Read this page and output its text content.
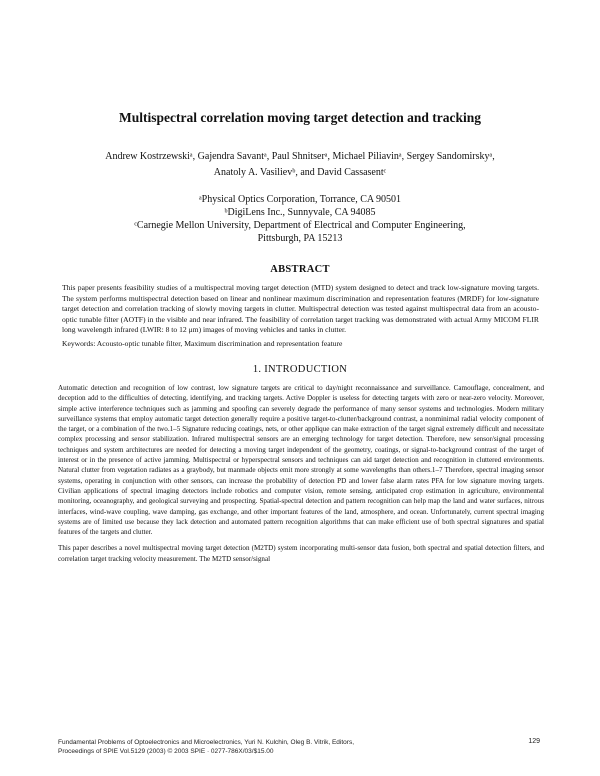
Multispectral correlation moving target detection and tracking
Andrew Kostrzewskiᵃ, Gajendra Savantᵃ, Paul Shnitserᵃ, Michael Piliavinᵃ, Sergey Sandomirskyᵃ,
Anatoly A. Vasilievᵇ, and David Cassasentᶜ
ᵃPhysical Optics Corporation, Torrance, CA 90501
ᵇDigiLens Inc., Sunnyvale, CA 94085
ᶜCarnegie Mellon University, Department of Electrical and Computer Engineering,
Pittsburgh, PA 15213
ABSTRACT
This paper presents feasibility studies of a multispectral moving target detection (MTD) system designed to detect and track low-signature moving targets. The system performs multispectral detection based on linear and nonlinear maximum discrimination and representation features (MRDF) for low-signature target detection and correlation tracking of slowly moving targets in clutter. Multispectral detection was tested against multispectral data from an acousto-optic tunable filter (AOTF) in the visible and near infrared. The feasibility of correlation target tracking was demonstrated with actual Army MICOM FLIR long wavelength infrared (LWIR: 8 to 12 μm) images of moving vehicles and tanks in clutter.
Keywords: Acousto-optic tunable filter, Maximum discrimination and representation feature
1. INTRODUCTION

Automatic detection and recognition of low contrast, low signature targets are critical to day/night reconnaissance and surveillance. Camouflage, concealment, and deception add to the difficulties of detecting, identifying, and tracking targets. Active Doppler is useless for detecting targets with zero or near-zero velocity. Moreover, simple active interference techniques such as jamming and spoofing can severely degrade the performance of many sensor systems and technologies. Modern military surveillance systems that employ automatic target detection generally require a positive target-to-clutter/background contrast, a nonminimal radial velocity component of the target, or a combination of the two.1–5 Signature reducing coatings, nets, or other applique can make extraction of the target signal extremely difficult and necessitate complex processing and sensor stabilization. Infrared multispectral sensors are an emerging technology for target detection. Therefore, new sensor/signal processing techniques and system architectures are needed for detecting a moving target independent of the geometry, coatings, or signal-to-background contrast of the target of interest or in the presence of active jamming. Multispectral or hyperspectral sensors and techniques can aid target detection and recognition in cluttered environments. Natural clutter from vegetation radiates as a graybody, but manmade objects emit more strongly at some wavelengths than others.1–7 Therefore, spectral imaging sensor systems, operating in conjunction with other sensors, can increase the probability of detection PD and lower false alarm rates PFA for low signature moving targets. Civilian applications of spectral imaging detectors include robotics and computer vision, remote sensing, anticipated crop estimation in agriculture, environmental monitoring, oceanography, and geological surveying and prospecting. Spatial-spectral detection and pattern recognition can help map the land and water surfaces, nitrous interfaces, wind-wave coupling, wave damping, gas exchange, and other important features of the land, atmosphere, and ocean. Unfortunately, current spectral imaging systems are of limited use because they lack detection and automated pattern recognition algorithms that can make efficient use of both spectral signatures and spatial features of the targets and clutter.

This paper describes a novel multispectral moving target detection (M2TD) system incorporating multi-sensor data fusion, both spectral and spatial detection filters, and correlation target tracking velocity measurement. The M2TD sensor/signal

Fundamental Problems of Optoelectronics and Microelectronics, Yuri N. Kulchin, Oleg B. Vitrik, Editors,
Proceedings of SPIE Vol.5129 (2003) © 2003 SPIE · 0277-786X/03/$15.00
129
